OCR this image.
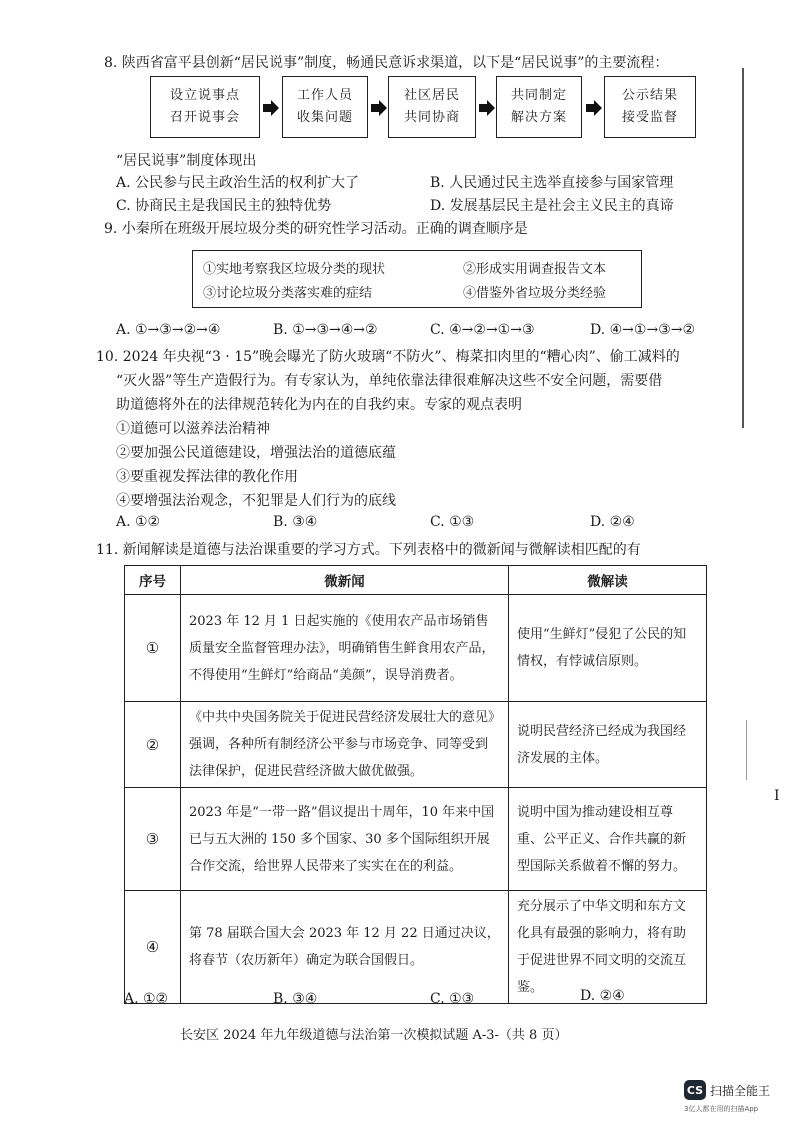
8. 陕西省富平县创新“居民说事”制度，畅通民意诉求渠道，以下是“居民说事”的主要流程：
设立说事点
召开说事会
工作人员
收集问题
社区居民
共同协商
共同制定
解决方案
公示结果
接受监督
“居民说事”制度体现出
A. 公民参与民主政治生活的权利扩大了	B. 人民通过民主选举直接参与国家管理
C. 协商民主是我国民主的独特优势	D. 发展基层民主是社会主义民主的真谛
9. 小秦所在班级开展垃圾分类的研究性学习活动。正确的调查顺序是
①实地考察我区垃圾分类的现状	②形成实用调查报告文本
③讨论垃圾分类落实难的症结	④借鉴外省垃圾分类经验
A. ①→③→②→④	B. ①→③→④→②	C. ④→②→①→③	D. ④→①→③→②
10. 2024 年央视“3 · 15”晚会曝光了防火玻璃“不防火”、梅菜扣肉里的“糟心肉”、偷工减料的
“灭火器”等生产造假行为。有专家认为，单纯依靠法律很难解决这些不安全问题，需要借
助道德将外在的法律规范转化为内在的自我约束。专家的观点表明
①道德可以滋养法治精神
②要加强公民道德建设，增强法治的道德底蕴
③要重视发挥法律的教化作用
④要增强法治观念，不犯罪是人们行为的底线
A. ①②	B. ③④	C. ①③	D. ②④
11. 新闻解读是道德与法治课重要的学习方式。下列表格中的微新闻与微解读相匹配的有
序号	微新闻	微解读
①	2023 年 12 月 1 日起实施的《使用农产品市场销售质量安全监督管理办法》，明确销售生鲜食用农产品，不得使用“生鲜灯”给商品“美颜”，误导消费者。	使用“生鲜灯”侵犯了公民的知情权，有悖诚信原则。
②	《中共中央国务院关于促进民营经济发展壮大的意见》强调，各种所有制经济公平参与市场竞争、同等受到法律保护，促进民营经济做大做优做强。	说明民营经济已经成为我国经济发展的主体。
③	2023 年是“一带一路”倡议提出十周年，10 年来中国已与五大洲的 150 多个国家、30 多个国际组织开展合作交流，给世界人民带来了实实在在的利益。	说明中国为推动建设相互尊重、公平正义、合作共赢的新型国际关系做着不懈的努力。
④	第 78 届联合国大会 2023 年 12 月 22 日通过决议，将春节（农历新年）确定为联合国假日。	充分展示了中华文明和东方文化具有最强的影响力，将有助于促进世界不同文明的交流互鉴。
A. ①②	B. ③④	C. ①③	D. ②④
长安区 2024 年九年级道德与法治第一次模拟试题 A-3-（共 8 页）
I
CS 扫描全能王
3亿人都在用的扫描App
